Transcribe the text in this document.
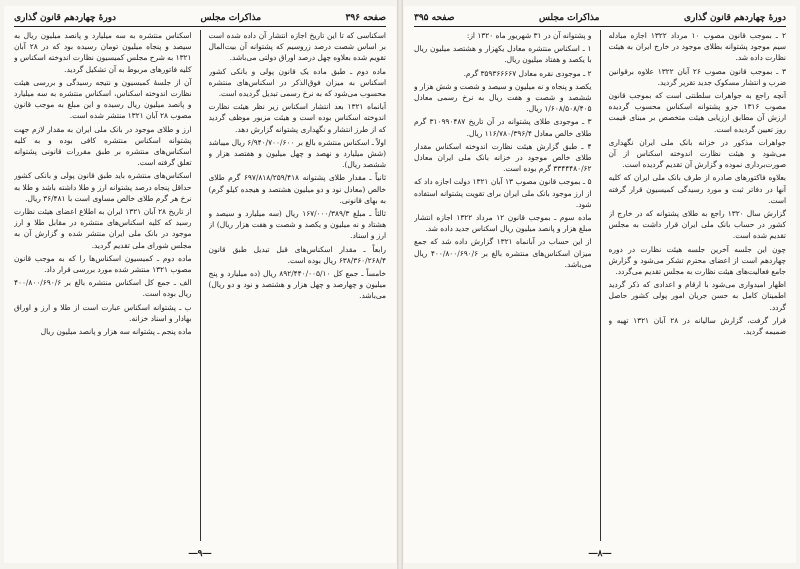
صفحه ۳۹۶
مذاکرات مجلس
دورهٔ چهاردهم قانون گذاری

اسکناسی که تا این تاریخ اجازه انتشار آن داده شده است بر اساس شصت درصد زروسیم که پشتوانه آن بیت‌المال تقویم شده بعلاوه چهل درصد اوراق دولتی می‌باشد.

ماده دوم ـ طبق ماده یک قانون پولی و بانکی کشور اسکناس به میزان فوق‌الذکر در اسکناس‌های منتشره محسوب می‌شود که به نرخ رسمی تبدیل گردیده است.

آبانماه ۱۳۲۱ بعد انتشار اسکناس زیر نظر هیئت نظارت اندوخته اسکناس بوده است و هیئت مزبور موظف گردید که از طرز انتشار و نگهداری پشتوانه گزارش دهد.

اولاً ـ اسکناس منتشره بالغ بر ۶/۹۴۰/۷۰۰/۶۰۰ ریال میباشد (شش میلیارد و نهصد و چهل میلیون و هفتصد هزار و ششصد ریال).

ثانیاً ـ مقدار طلای پشتوانه ۶۹۷/۸۱۸/۲۵۹/۴۱۸ گرم طلای خالص (معادل نود و دو میلیون هشتصد و هیجده کیلو گرم) به بهای قانونی.

ثالثاً ـ مبلغ ۱۶۷/۰۰۰/۳۸۹/۳ ریال (سه میلیارد و سیصد و هشتاد و نه میلیون و یکصد و شصت و هفت هزار ریال) از ارز و اسناد.

رابعاً ـ مقدار اسکناس‌های قبل تبدیل طبق قانون ۶۳۸/۳۶۰/۲۶۸/۴ ریال بوده است.

خامساً ـ جمع کل ۸۹۲/۴۴۰/۰۰۵/۱۰ ریال (ده میلیارد و پنج میلیون و چهارصد و چهل هزار و هشتصد و نود و دو ریال) می‌باشد.

اسکناس منتشره به سه میلیارد و پانصد میلیون ریال به سیصد و پنجاه میلیون تومان رسیده بود که در ۲۸ آبان ۱۳۲۱ به شرح مجلس کمیسیون نظارت اندوخته اسکناس و کلیه فاتورهای مربوط به آن تشکیل گردید.

آن از جلسهٔ کمیسیون و نتیجه رسیدگی و بررسی هیئت نظارت اندوخته اسکناس، اسکناس منتشره به سه میلیارد و پانصد میلیون ریال رسیده و این مبلغ به موجب قانون مصوب ۲۸ آبان ۱۳۲۱ منتشر شده است.

ارز و طلای موجود در بانک ملی ایران به مقدار لازم جهت پشتوانه اسکناس منتشره کافی بوده و به کلیه اسکناس‌های منتشره بر طبق مقررات قانونی پشتوانه تعلق گرفته است.

اسکناس‌های منتشره باید طبق قانون پولی و بانکی کشور حداقل پنجاه درصد پشتوانه ارز و طلا داشته باشد و طلا به نرخ هر گرم طلای خالص مساوی است با ۳۶/۴۸۱ ریال.

از تاریخ ۲۸ آبان ۱۳۲۱ ایران به اطلاع اعضای هیئت نظارت رسید که کلیه اسکناس‌های منتشره در مقابل طلا و ارز موجود در بانک ملی ایران منتشر شده و گزارش آن به مجلس شورای ملی تقدیم گردید.

ماده دوم ـ کمیسیون اسکناس‌ها را که به موجب قانون مصوب ۱۳۲۱ منتشر شده مورد بررسی قرار داد.

الف ـ جمع کل اسکناس منتشره بالغ بر ۴۰۰/۸۰۰/۶۹۰/۶ ریال بوده است.

ب ـ پشتوانه اسکناس عبارت است از طلا و ارز و اوراق بهادار و اسناد خزانه.

ماده پنجم ـ پشتوانه سه هزار و پانصد میلیون ریال

―۹―
دورهٔ چهاردهم قانون گذاری
مذاکرات مجلس
صفحه ۳۹۵

۲ ـ بموجب قانون مصوب ۱۰ مرداد ۱۳۲۲ اجازه مبادله سیم موجود پشتوانه بطلای موجود در خارج ایران به هیئت نظارت داده شد.

۳ ـ بموجب قانون مصوب ۲۶ آبان ۱۳۲۲ علاوه برقوانین ضرب و انتشار مسکوک جدید تقریر گردید.

آنچه راجع به جواهرات سلطنتی است که بموجب قانون مصوب ۱۳۱۶ جزو پشتوانه اسکناس محسوب گردیده ارزش آن مطابق ارزیابی هیئت متخصص بر مبنای قیمت روز تعیین گردیده است.

جواهرات مذکور در خزانه بانک ملی ایران نگهداری می‌شود و هیئت نظارت اندوخته اسکناس از آن صورت‌برداری نموده و گزارش آن تقدیم گردیده است.

بعلاوه فاکتورهای صادره از طرف بانک ملی ایران که کلیه آنها در دفاتر ثبت و مورد رسیدگی کمیسیون قرار گرفته است.

گزارش سال ۱۳۲۰ راجع به طلای پشتوانه که در خارج از کشور در حساب بانک ملی ایران قرار داشت به مجلس تقدیم شده است.

چون این جلسه آخرین جلسه هیئت نظارت در دوره چهاردهم است از اعضای محترم تشکر می‌شود و گزارش جامع فعالیت‌های هیئت نظارت به مجلس تقدیم می‌گردد.

اظهار امیدواری می‌شود با ارقام و اعدادی که ذکر گردید اطمینان کامل به حسن جریان امور پولی کشور حاصل گردد.

قرار گرفت، گزارش سالیانه در ۲۸ آبان ۱۳۲۱ تهیه و ضمیمه گردید.

و پشتوانه آن در ۳۱ شهریور ماه ۱۳۲۰ از:

۱ ـ اسکناس منتشره معادل یکهزار و هشتصد میلیون ریال با یکصد و هفتاد میلیون ریال.

۲ ـ موجودی نقره معادل ۳۵۹۳۶۶۶۶۷ گرم.

یکصد و پنجاه و نه میلیون و سیصد و شصت و شش هزار و ششصد و شصت و هفت ریال به نرخ رسمی معادل ۱/۶۰۸/۵۰۸/۴۰۵ ریال.

۳ ـ موجودی طلای پشتوانه در آن تاریخ ۳۱۰۹۹۰۴۸۷ گرم طلای خالص معادل ۱۱۶/۷۸۰/۳۹۶/۴ ریال.

۴ ـ طبق گزارش هیئت نظارت اندوخته اسکناس مقدار طلای خالص موجود در خزانه بانک ملی ایران معادل ۳۳۴۴۴۸۰/۶۲ گرم بوده است.

۵ ـ بموجب قانون مصوب ۱۳ آبان ۱۳۲۱ دولت اجازه داد که از ارز موجود بانک ملی ایران برای تقویت پشتوانه استفاده شود.

ماده سوم ـ بموجب قانون ۱۲ مرداد ۱۳۲۲ اجازه انتشار مبلغ هزار و پانصد میلیون ریال اسکناس جدید داده شد.

از این حساب در آبانماه ۱۳۲۱ گزارش داده شد که جمع میزان اسکناس‌های منتشره بالغ بر ۴۰۰/۸۰۰/۶۹۰/۶ ریال می‌باشد.

―۸―
